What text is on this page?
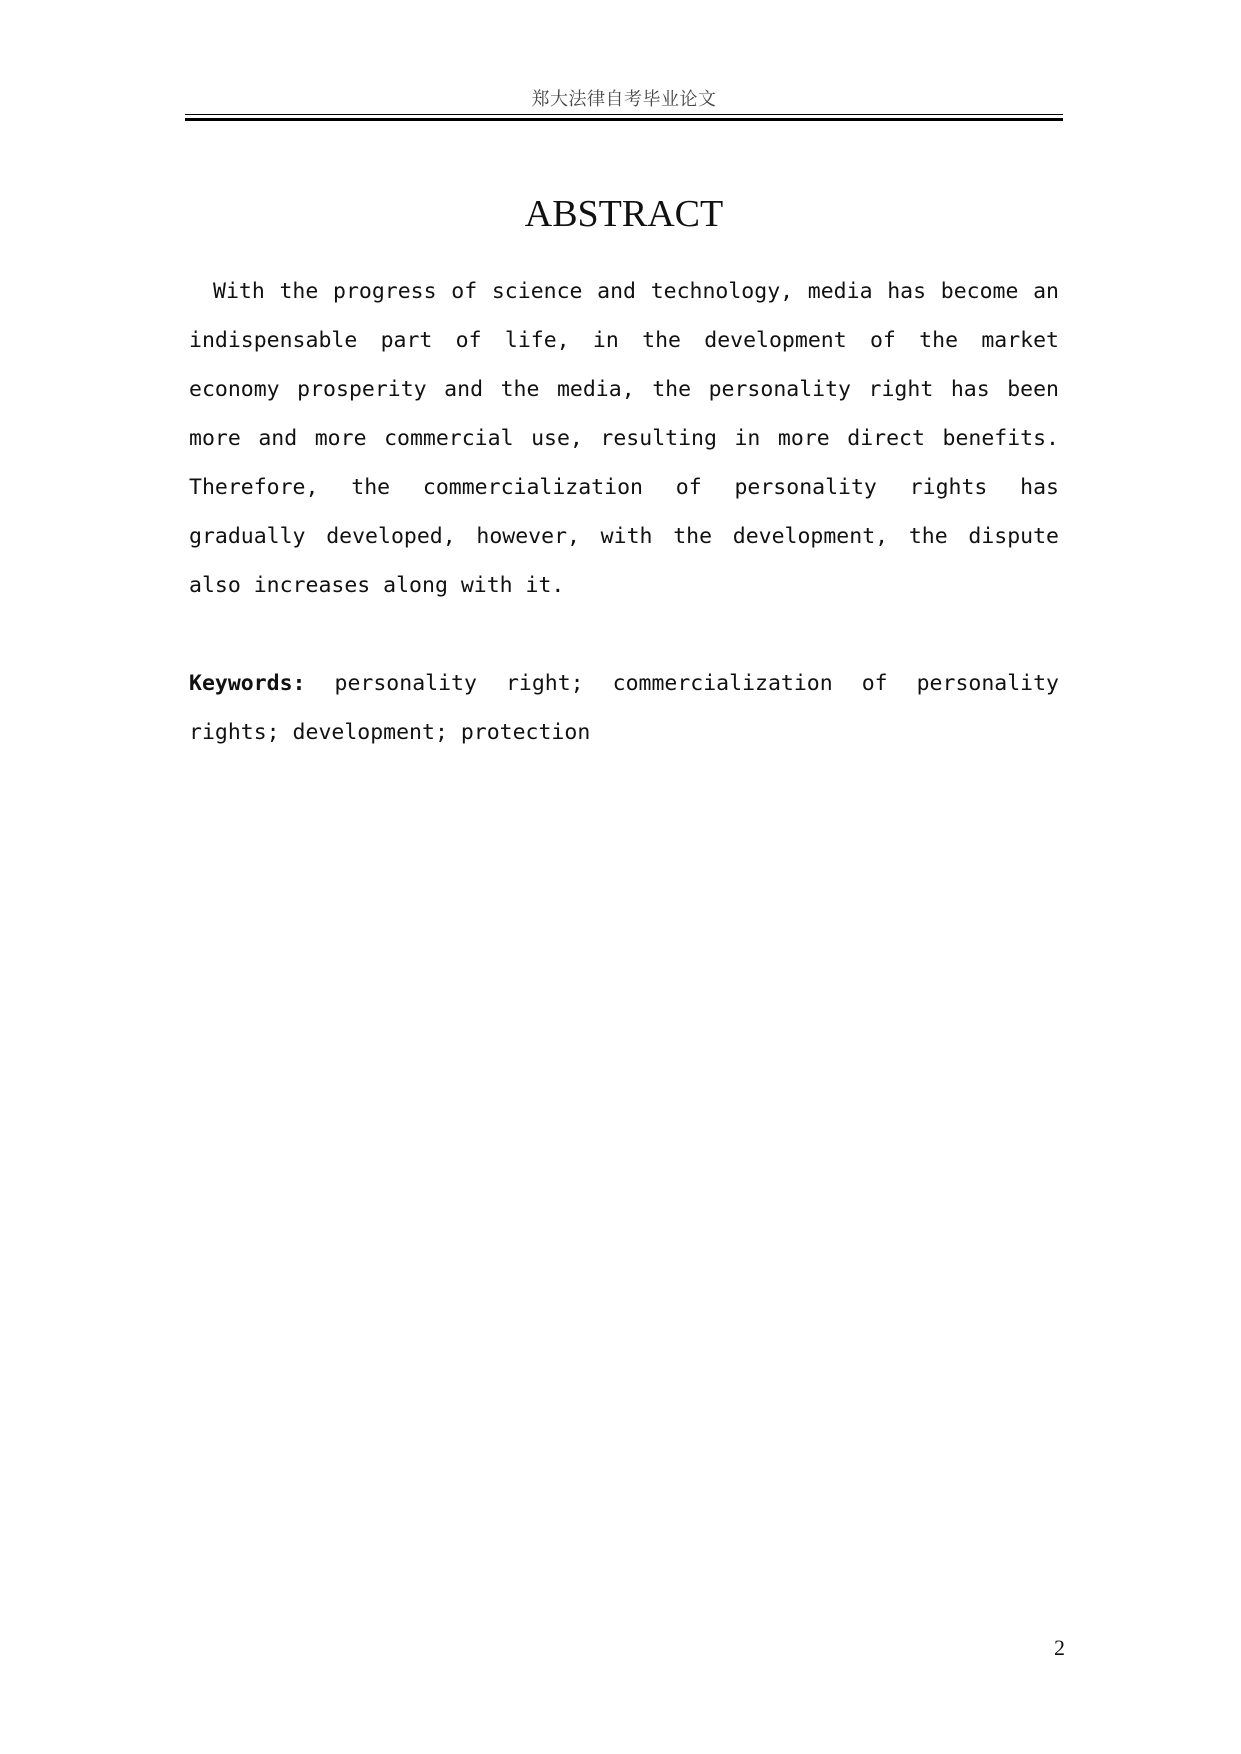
郑大法律自考毕业论文
ABSTRACT

With the progress of science and technology, media has become an indispensable part of life, in the development of the market economy prosperity and the media, the personality right has been more and more commercial use, resulting in more direct benefits. Therefore, the commercialization of personality rights has gradually developed, however, with the development, the dispute also increases along with it.

Keywords: personality right; commercialization of personality rights; development; protection

2
